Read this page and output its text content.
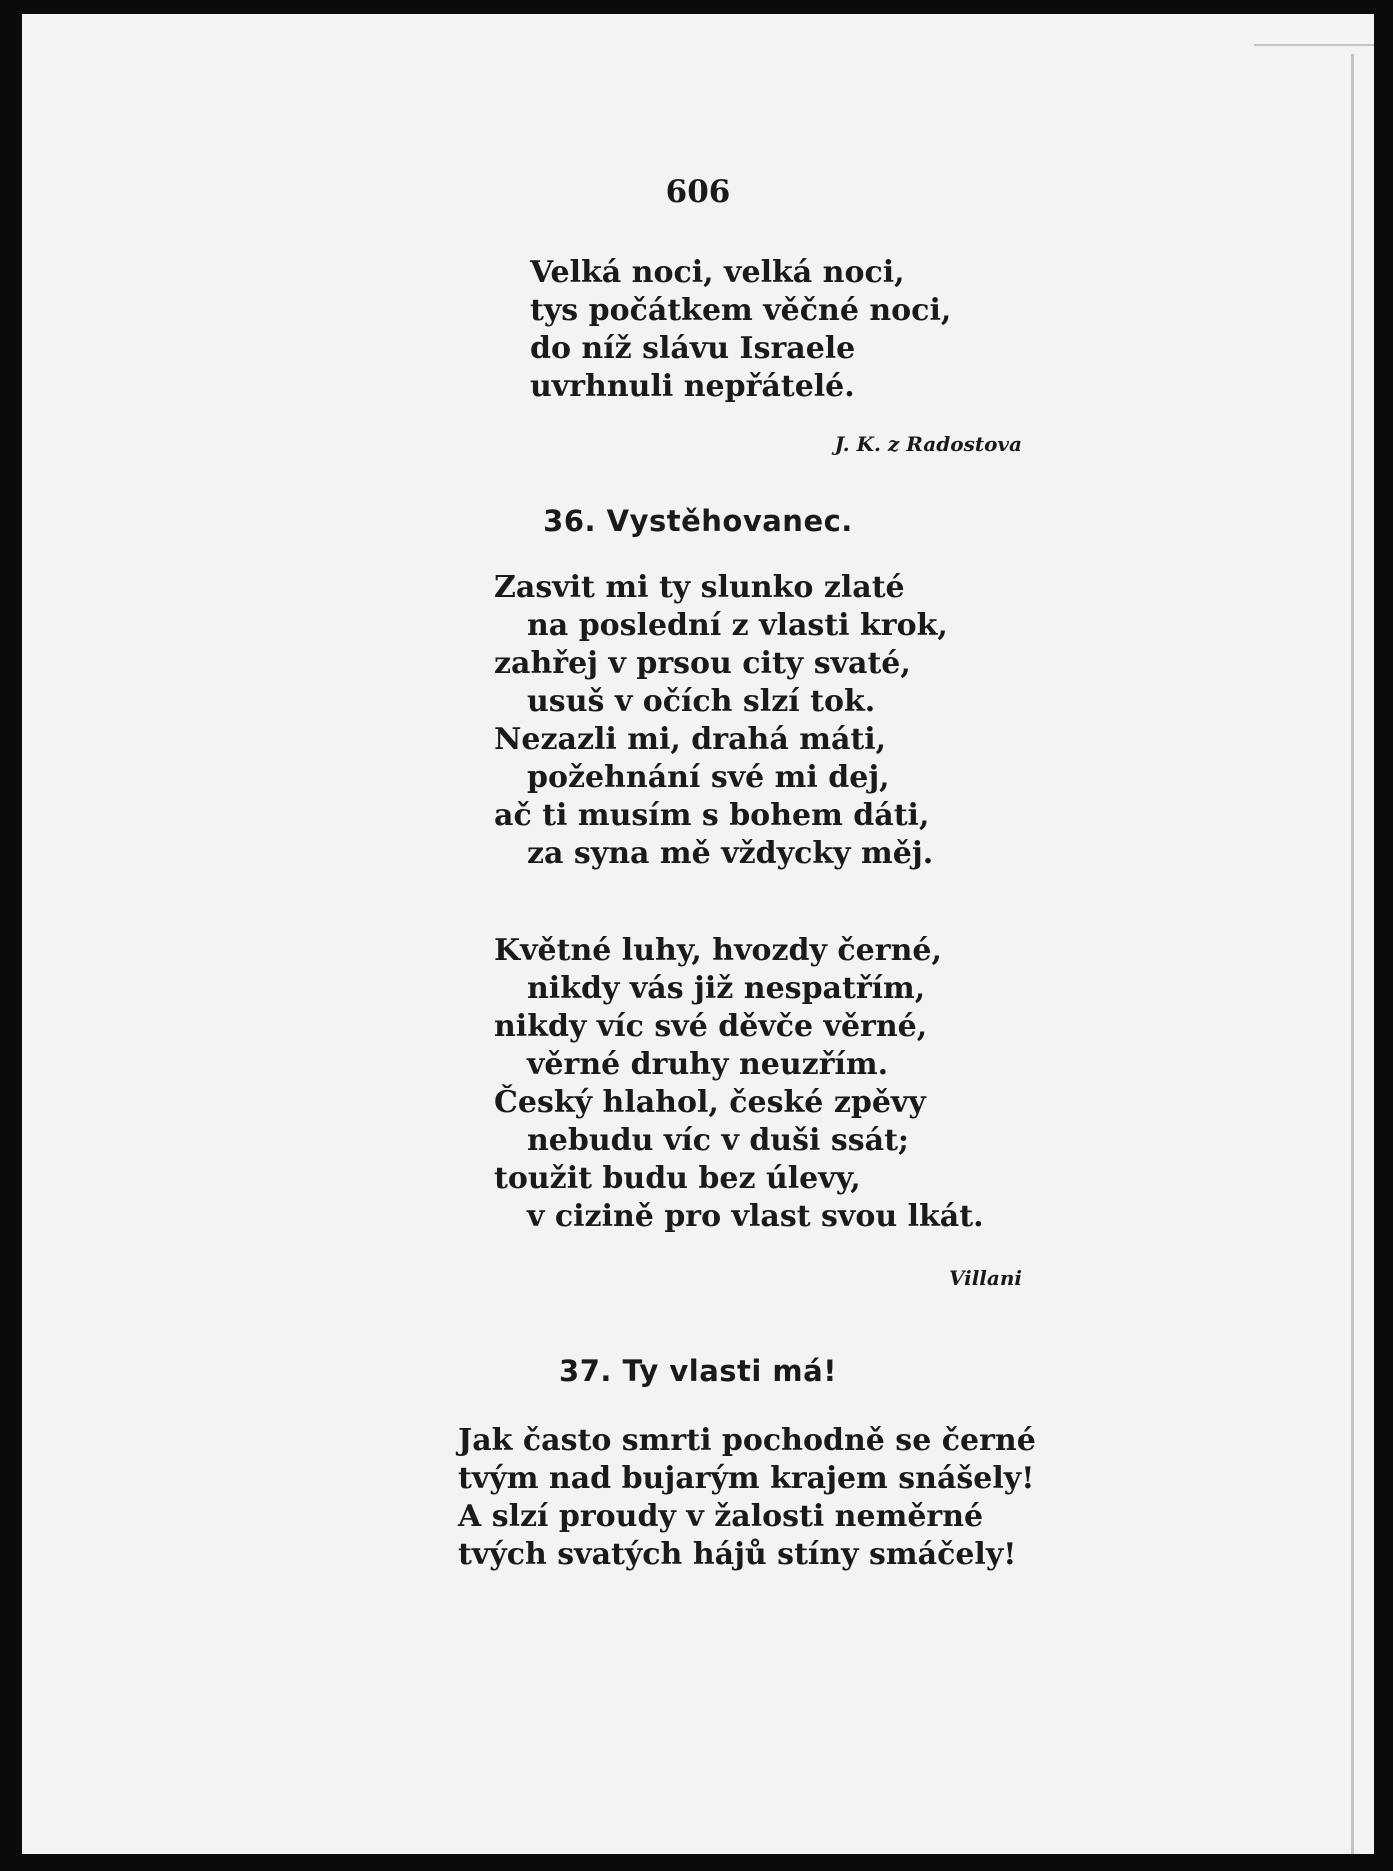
606
Velká noci, velká noci,
tys počátkem věčné noci,
do níž slávu Israele
uvrhnuli nepřátelé.
J. K. z Radostova
36. Vystěhovanec.
Zasvit mi ty slunko zlaté
na poslední z vlasti krok,
zahřej v prsou city svaté,
usuš v očích slzí tok.
Nezazli mi, drahá máti,
požehnání své mi dej,
ač ti musím s bohem dáti,
za syna mě vždycky měj.
Květné luhy, hvozdy černé,
nikdy vás již nespatřím,
nikdy víc své děvče věrné,
věrné druhy neuzřím.
Český hlahol, české zpěvy
nebudu víc v duši ssát;
toužit budu bez úlevy,
v cizině pro vlast svou lkát.
Villani
37. Ty vlasti má!
Jak často smrti pochodně se černé
tvým nad bujarým krajem snášely!
A slzí proudy v žalosti neměrné
tvých svatých hájů stíny smáčely!
